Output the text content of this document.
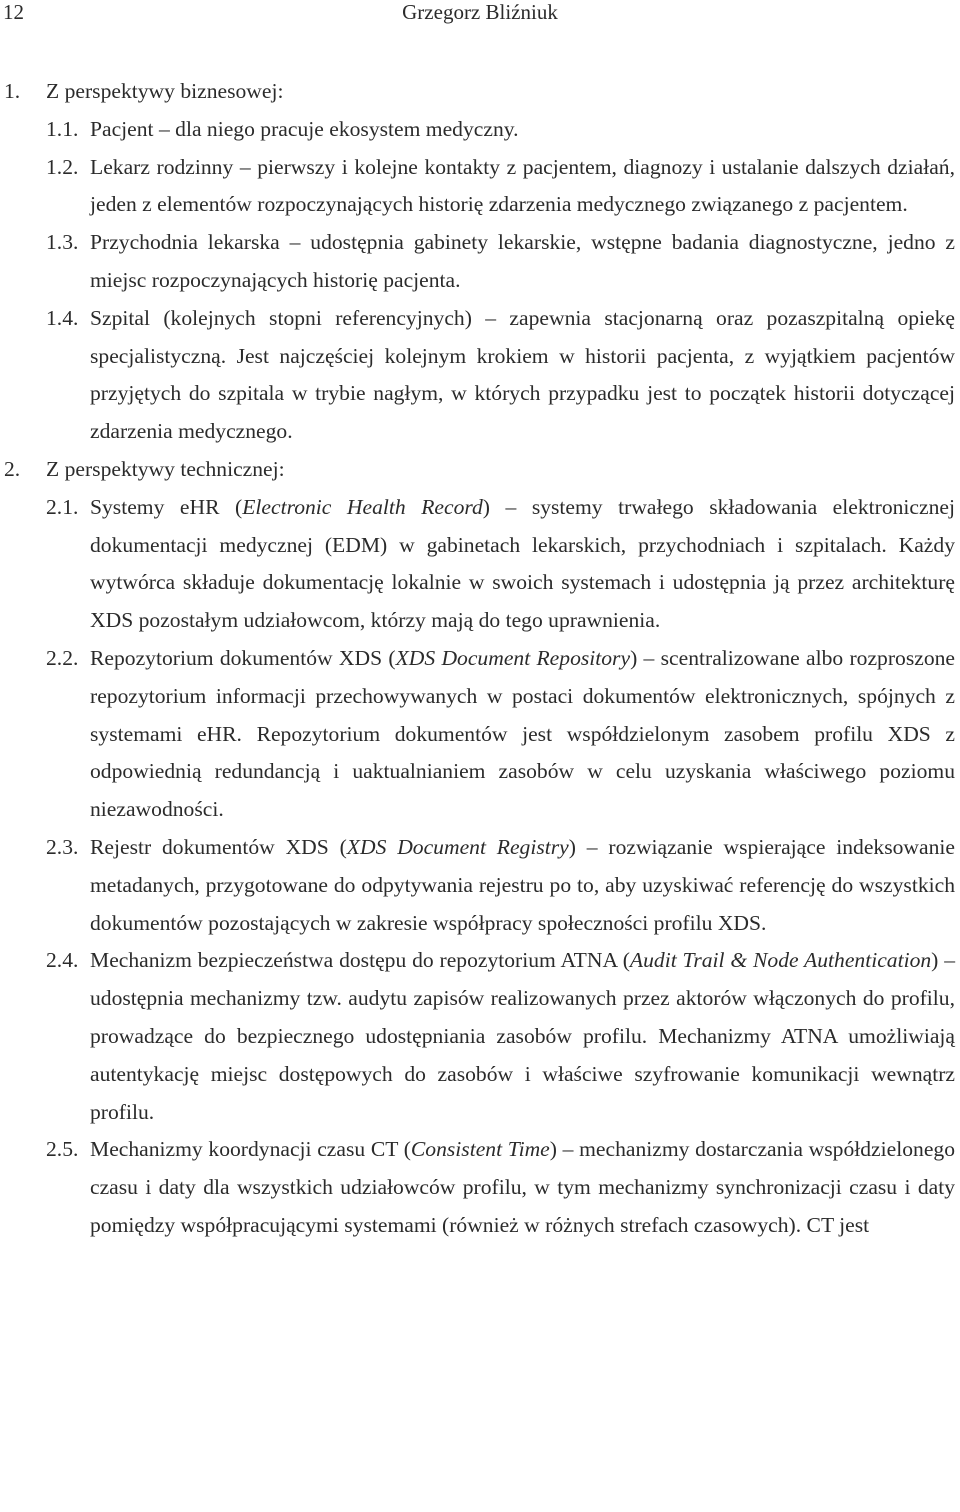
12	Grzegorz Bliźniuk
1. Z perspektywy biznesowej:
1.1. Pacjent – dla niego pracuje ekosystem medyczny.
1.2. Lekarz rodzinny – pierwszy i kolejne kontakty z pacjentem, diagnozy i ustalanie dalszych działań, jeden z elementów rozpoczynających historię zdarzenia medycznego związanego z pacjentem.
1.3. Przychodnia lekarska – udostępnia gabinety lekarskie, wstępne badania diagnostyczne, jedno z miejsc rozpoczynających historię pacjenta.
1.4. Szpital (kolejnych stopni referencyjnych) – zapewnia stacjonarną oraz pozaszpitalną opiekę specjalistyczną. Jest najczęściej kolejnym krokiem w historii pacjenta, z wyjątkiem pacjentów przyjętych do szpitala w trybie nagłym, w których przypadku jest to początek historii dotyczącej zdarzenia medycznego.
2. Z perspektywy technicznej:
2.1. Systemy eHR (Electronic Health Record) – systemy trwałego składowania elektronicznej dokumentacji medycznej (EDM) w gabinetach lekarskich, przychodniach i szpitalach. Każdy wytwórca składuje dokumentację lokalnie w swoich systemach i udostępnia ją przez architekturę XDS pozostałym udziałowcom, którzy mają do tego uprawnienia.
2.2. Repozytorium dokumentów XDS (XDS Document Repository) – scentralizowane albo rozproszone repozytorium informacji przechowywanych w postaci dokumentów elektronicznych, spójnych z systemami eHR. Repozytorium dokumentów jest współdzielonym zasobem profilu XDS z odpowiednią redundancją i uaktualnianiem zasobów w celu uzyskania właściwego poziomu niezawodności.
2.3. Rejestr dokumentów XDS (XDS Document Registry) – rozwiązanie wspierające indeksowanie metadanych, przygotowane do odpytywania rejestru po to, aby uzyskiwać referencję do wszystkich dokumentów pozostających w zakresie współpracy społeczności profilu XDS.
2.4. Mechanizm bezpieczeństwa dostępu do repozytorium ATNA (Audit Trail & Node Authentication) – udostępnia mechanizmy tzw. audytu zapisów realizowanych przez aktorów włączonych do profilu, prowadzące do bezpiecznego udostępniania zasobów profilu. Mechanizmy ATNA umożliwiają autentykację miejsc dostępowych do zasobów i właściwe szyfrowanie komunikacji wewnątrz profilu.
2.5. Mechanizmy koordynacji czasu CT (Consistent Time) – mechanizmy dostarczania współdzielonego czasu i daty dla wszystkich udziałowców profilu, w tym mechanizmy synchronizacji czasu i daty pomiędzy współpracującymi systemami (również w różnych strefach czasowych). CT jest
